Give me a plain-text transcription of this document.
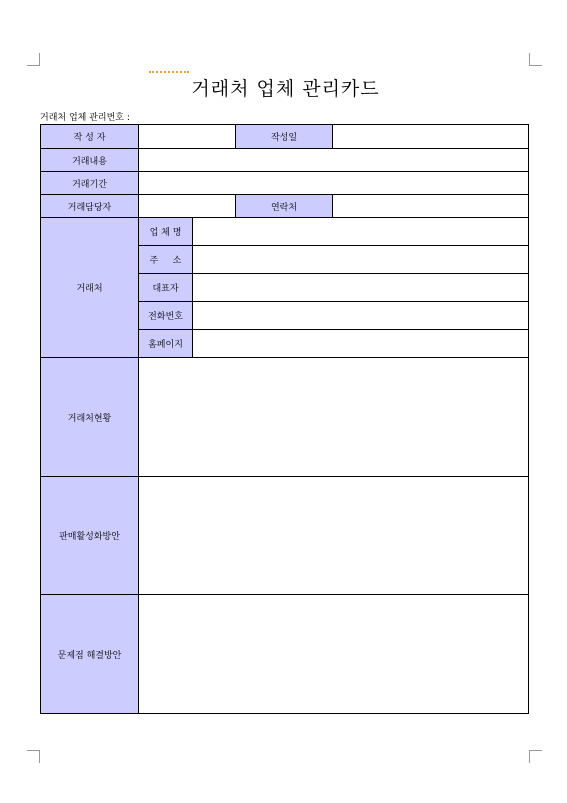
거래처 업체 관리카드
거래처 업체 관리번호 :
작 성 자			작성일	
거래내용				
거래기간				
거래담당자			연락처	
거래처	업 체 명			
	주     소			
	대표자			
	전화번호			
	홈페이지			
거래처현황				
판매활성화방안				
문제점 해결방안				
